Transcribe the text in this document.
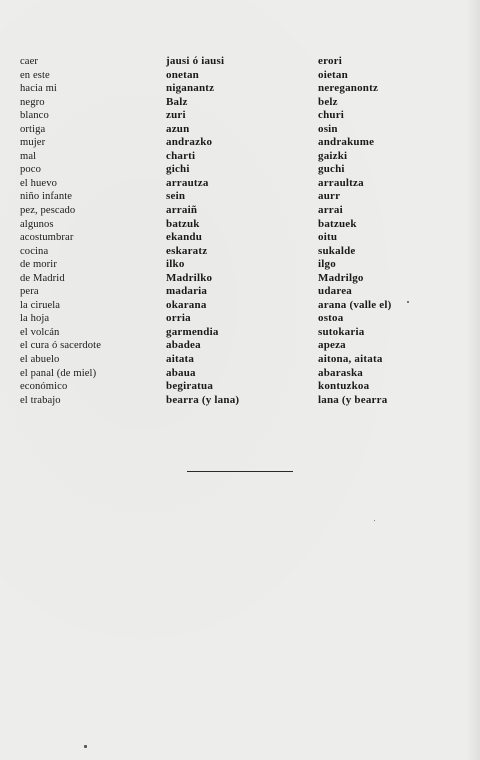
caer
en este
hacia mi
negro
blanco
ortiga
mujer
mal
poco
el huevo
niño infante
pez, pescado
algunos
acostumbrar
cocina
de morir
de Madrid
pera
la ciruela
la hoja
el volcán
el cura ó sacerdote
el abuelo
el panal (de miel)
económico
el trabajo
jausi ó iausi
onetan
niganantz
Balz
zuri
azun
andrazko
charti
gichi
arrautza
sein
arraiñ
batzuk
ekandu
eskaratz
ilko
Madrilko
madaria
okarana
orria
garmendia
abadea
aitata
abaua
begiratua
bearra (y lana)
erori
oietan
nereganontz
belz
churi
osin
andrakume
gaizki
guchi
arraultza
aurr
arrai
batzuek
oitu
sukalde
ilgo
Madrilgo
udarea
arana (valle el)
ostoa
sutokaria
apeza
aitona, aitata
abaraska
kontuzkoa
lana (y bearra
